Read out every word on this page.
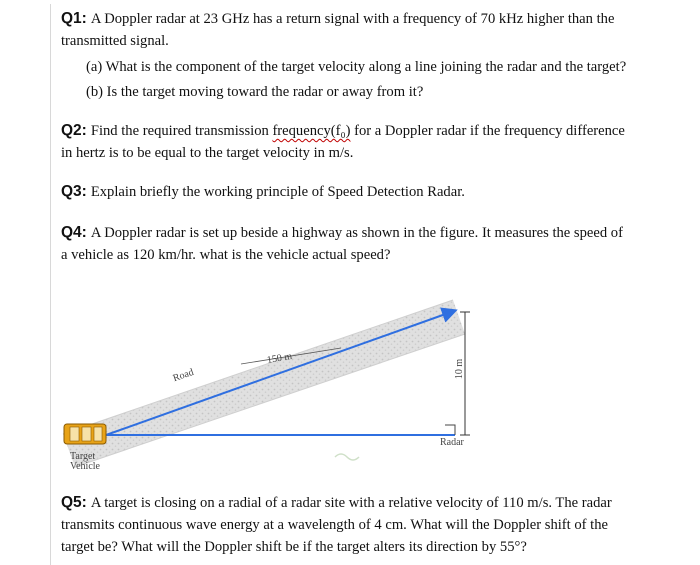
Q1: A Doppler radar at 23 GHz has a return signal with a frequency of 70 kHz higher than the
transmitted signal.
(a) What is the component of the target velocity along a line joining the radar and the target?
(b) Is the target moving toward the radar or away from it?
Q2: Find the required transmission frequency(f₀) for a Doppler radar if the frequency difference
in hertz is to be equal to the target velocity in m/s.
Q3: Explain briefly the working principle of Speed Detection Radar.
Q4: A Doppler radar is set up beside a highway as shown in the figure. It measures the speed of
a vehicle as 120 km/hr. what is the vehicle actual speed?
Road
150 m
10 m
Radar
Target
Vehicle
Q5: A target is closing on a radial of a radar site with a relative velocity of 110 m/s. The radar
transmits continuous wave energy at a wavelength of 4 cm. What will the Doppler shift of the
target be? What will the Doppler shift be if the target alters its direction by 55°?
